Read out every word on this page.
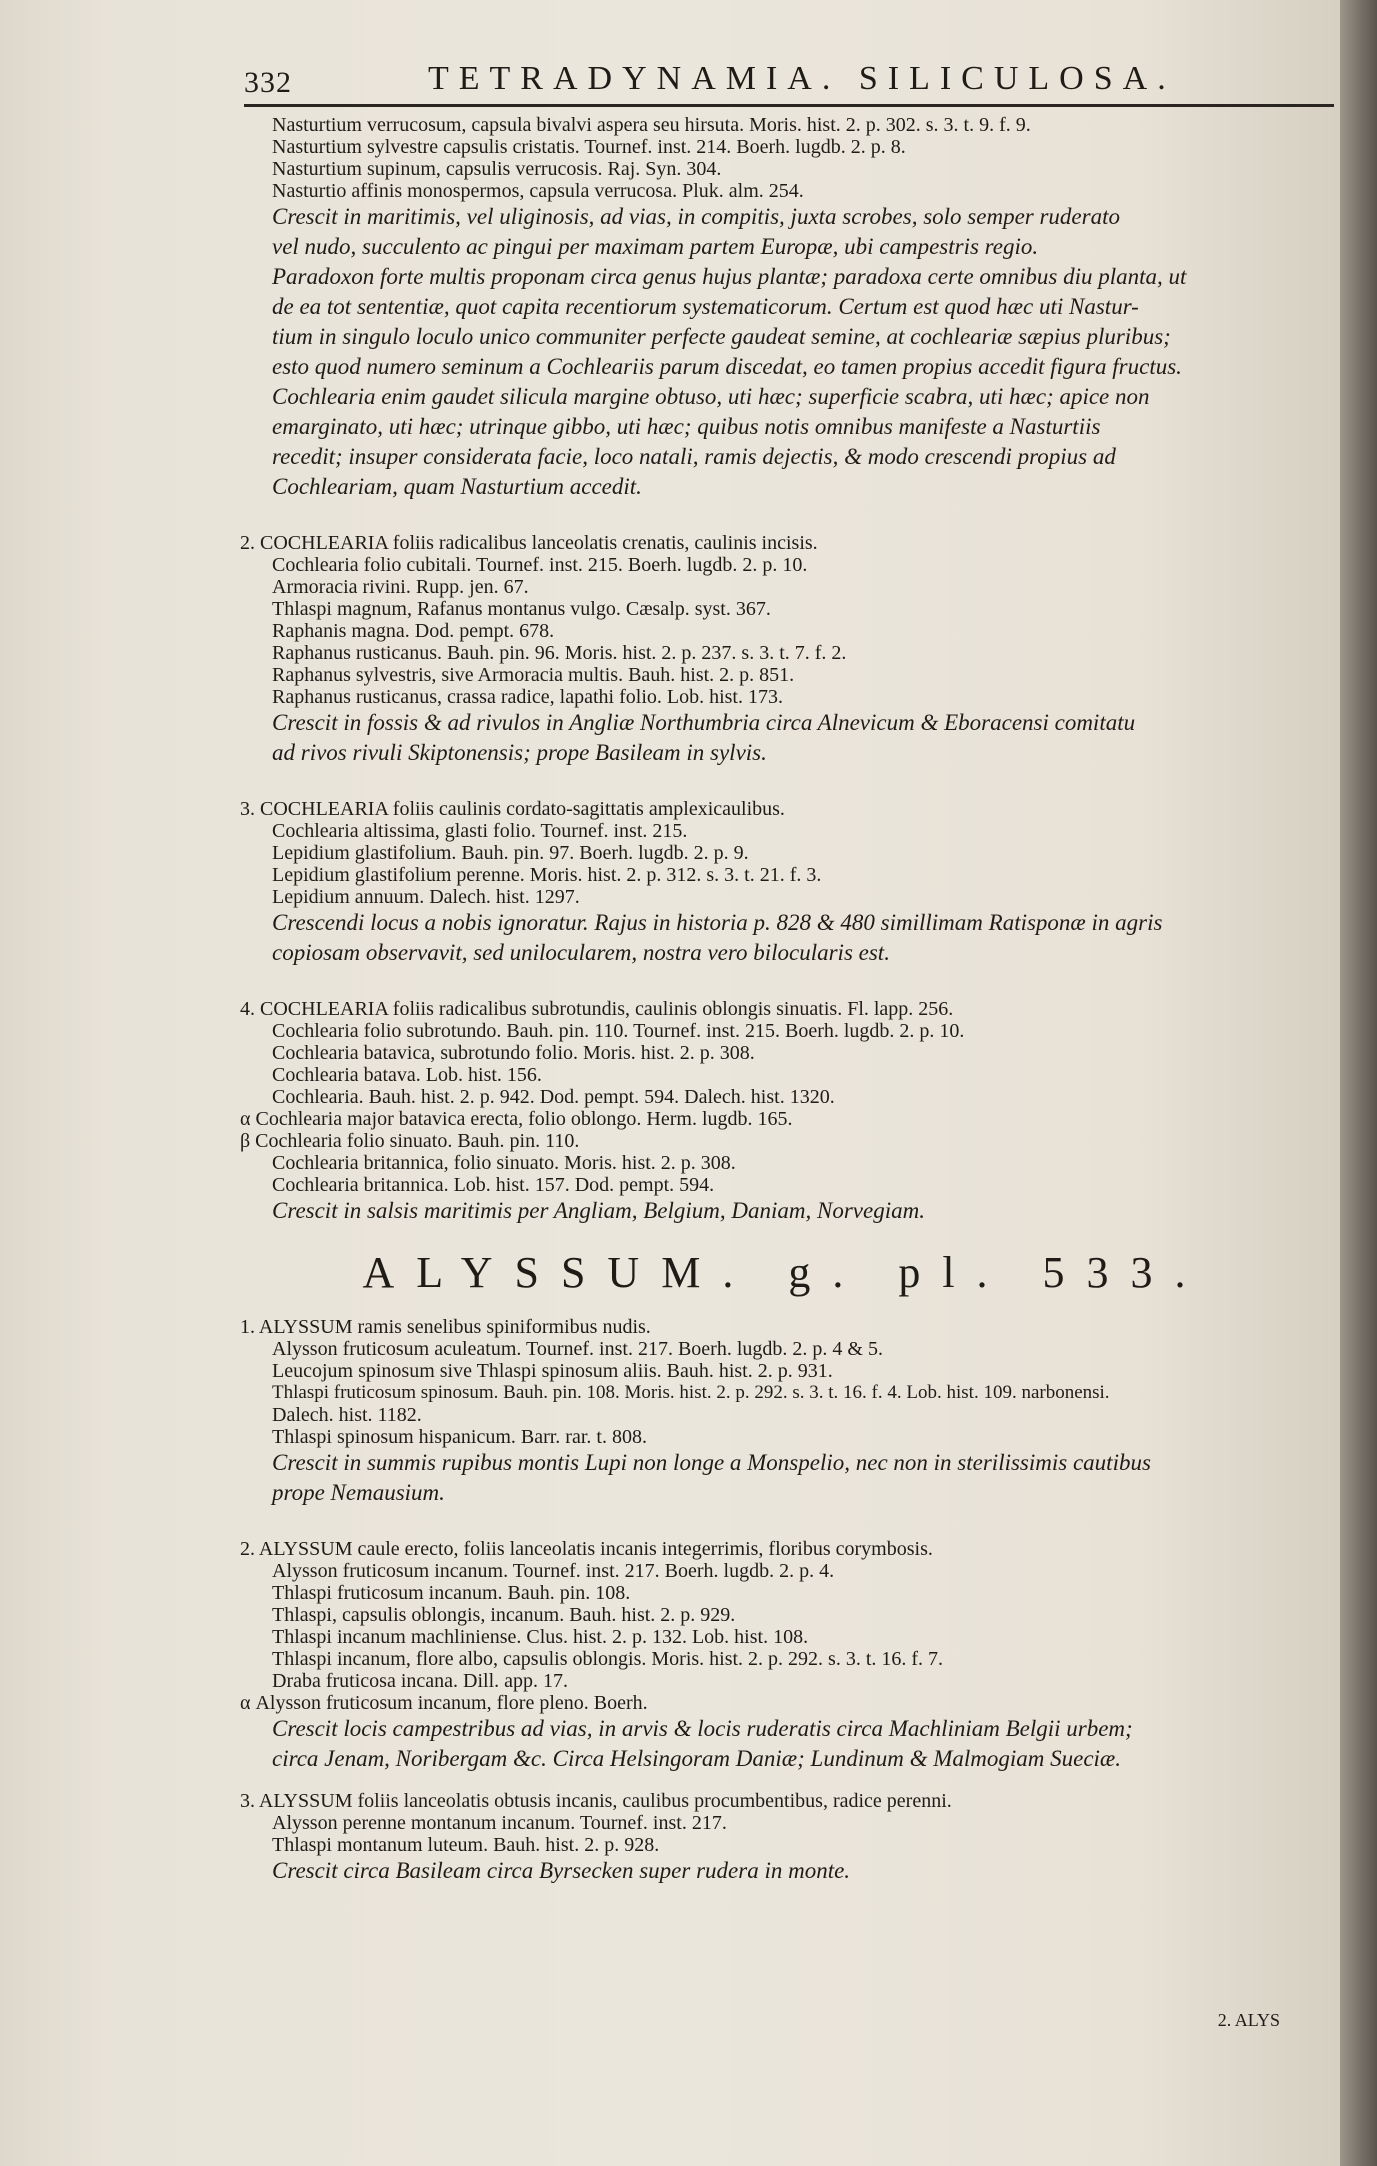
332	TETRADYNAMIA. SILICULOSA.
Nasturtium verrucosum, capsula bivalvi aspera seu hirsuta. Moris. hist. 2. p. 302. s. 3. t. 9. f. 9.
Nasturtium sylvestre capsulis cristatis. Tournef. inst. 214. Boerh. lugdb. 2. p. 8.
Nasturtium supinum, capsulis verrucosis. Raj. Syn. 304.
Nasturtio affinis monospermos, capsula verrucosa. Pluk. alm. 254.
Crescit in maritimis, vel uliginosis, ad vias, in compitis, juxta scrobes, solo semper ruderato
vel nudo, succulento ac pingui per maximam partem Europæ, ubi campestris regio.
Paradoxon forte multis proponam circa genus hujus plantæ; paradoxa certe omnibus diu planta, ut
de ea tot sententiæ, quot capita recentiorum systematicorum. Certum est quod hæc uti Nastur-
tium in singulo loculo unico communiter perfecte gaudeat semine, at cochleariæ sæpius pluribus;
esto quod numero seminum a Cochleariis parum discedat, eo tamen propius accedit figura fructus.
Cochlearia enim gaudet silicula margine obtuso, uti hæc; superficie scabra, uti hæc; apice non
emarginato, uti hæc; utrinque gibbo, uti hæc; quibus notis omnibus manifeste a Nasturtiis
recedit; insuper considerata facie, loco natali, ramis dejectis, & modo crescendi propius ad
Cochleariam, quam Nasturtium accedit.
2. COCHLEARIA foliis radicalibus lanceolatis crenatis, caulinis incisis.
Cochlearia folio cubitali. Tournef. inst. 215. Boerh. lugdb. 2. p. 10.
Armoracia rivini. Rupp. jen. 67.
Thlaspi magnum, Rafanus montanus vulgo. Cæsalp. syst. 367.
Raphanis magna. Dod. pempt. 678.
Raphanus rusticanus. Bauh. pin. 96. Moris. hist. 2. p. 237. s. 3. t. 7. f. 2.
Raphanus sylvestris, sive Armoracia multis. Bauh. hist. 2. p. 851.
Raphanus rusticanus, crassa radice, lapathi folio. Lob. hist. 173.
Crescit in fossis & ad rivulos in Angliæ Northumbria circa Alnevicum & Eboracensi comitatu
ad rivos rivuli Skiptonensis; prope Basileam in sylvis.
3. COCHLEARIA foliis caulinis cordato-sagittatis amplexicaulibus.
Cochlearia altissima, glasti folio. Tournef. inst. 215.
Lepidium glastifolium. Bauh. pin. 97. Boerh. lugdb. 2. p. 9.
Lepidium glastifolium perenne. Moris. hist. 2. p. 312. s. 3. t. 21. f. 3.
Lepidium annuum. Dalech. hist. 1297.
Crescendi locus a nobis ignoratur. Rajus in historia p. 828 & 480 simillimam Ratisponæ in agris
copiosam observavit, sed unilocularem, nostra vero bilocularis est.
4. COCHLEARIA foliis radicalibus subrotundis, caulinis oblongis sinuatis. Fl. lapp. 256.
Cochlearia folio subrotundo. Bauh. pin. 110. Tournef. inst. 215. Boerh. lugdb. 2. p. 10.
Cochlearia batavica, subrotundo folio. Moris. hist. 2. p. 308.
Cochlearia batava. Lob. hist. 156.
Cochlearia. Bauh. hist. 2. p. 942. Dod. pempt. 594. Dalech. hist. 1320.
α Cochlearia major batavica erecta, folio oblongo. Herm. lugdb. 165.
β Cochlearia folio sinuato. Bauh. pin. 110.
Cochlearia britannica, folio sinuato. Moris. hist. 2. p. 308.
Cochlearia britannica. Lob. hist. 157. Dod. pempt. 594.
Crescit in salsis maritimis per Angliam, Belgium, Daniam, Norvegiam.
ALYSSUM. g. pl. 533.
1. ALYSSUM ramis senelibus spiniformibus nudis.
Alysson fruticosum aculeatum. Tournef. inst. 217. Boerh. lugdb. 2. p. 4 & 5.
Leucojum spinosum sive Thlaspi spinosum aliis. Bauh. hist. 2. p. 931.
Thlaspi fruticosum spinosum. Bauh. pin. 108. Moris. hist. 2. p. 292. s. 3. t. 16. f. 4. Lob. hist. 109. narbonensi.
Dalech. hist. 1182.
Thlaspi spinosum hispanicum. Barr. rar. t. 808.
Crescit in summis rupibus montis Lupi non longe a Monspelio, nec non in sterilissimis cautibus
prope Nemausium.
2. ALYSSUM caule erecto, foliis lanceolatis incanis integerrimis, floribus corymbosis.
Alysson fruticosum incanum. Tournef. inst. 217. Boerh. lugdb. 2. p. 4.
Thlaspi fruticosum incanum. Bauh. pin. 108.
Thlaspi, capsulis oblongis, incanum. Bauh. hist. 2. p. 929.
Thlaspi incanum machliniense. Clus. hist. 2. p. 132. Lob. hist. 108.
Thlaspi incanum, flore albo, capsulis oblongis. Moris. hist. 2. p. 292. s. 3. t. 16. f. 7.
Draba fruticosa incana. Dill. app. 17.
α Alysson fruticosum incanum, flore pleno. Boerh.
Crescit locis campestribus ad vias, in arvis & locis ruderatis circa Machliniam Belgii urbem;
circa Jenam, Noribergam &c. Circa Helsingoram Daniæ; Lundinum & Malmogiam Sueciæ.
3. ALYSSUM foliis lanceolatis obtusis incanis, caulibus procumbentibus, radice perenni.
Alysson perenne montanum incanum. Tournef. inst. 217.
Thlaspi montanum luteum. Bauh. hist. 2. p. 928.
Crescit circa Basileam circa Byrsecken super rudera in monte.
2. ALYS
